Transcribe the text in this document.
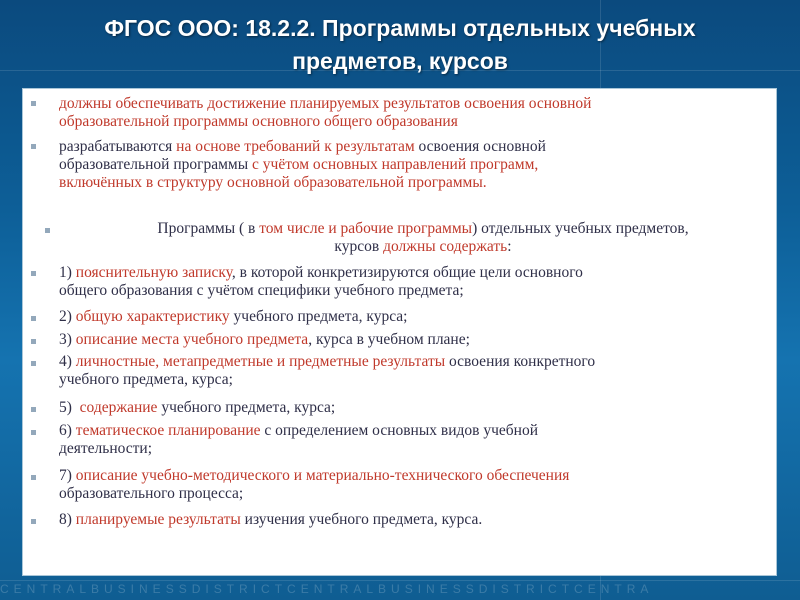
ФГОС ООО: 18.2.2. Программы отдельных учебных
предметов, курсов
должны обеспечивать достижение планируемых результатов освоения основной
образовательной программы основного общего образования
разрабатываются на основе требований к результатам освоения основной
образовательной программы с учётом основных направлений программ,
включённых в структуру основной образовательной программы.
Программы ( в том числе и рабочие программы) отдельных учебных предметов,
курсов должны содержать:
1) пояснительную записку, в которой конкретизируются общие цели основного
общего образования с учётом специфики учебного предмета;
2) общую характеристику учебного предмета, курса;
3) описание места учебного предмета, курса в учебном плане;
4) личностные, метапредметные и предметные результаты освоения конкретного
учебного предмета, курса;
5)  содержание учебного предмета, курса;
6) тематическое планирование с определением основных видов учебной
деятельности;
7) описание учебно-методического и материально-технического обеспечения
образовательного процесса;
8) планируемые результаты изучения учебного предмета, курса.
CENTRALBUSINESSDISTRICTCENTRALBUSINESSDISTRICTCENTRA
